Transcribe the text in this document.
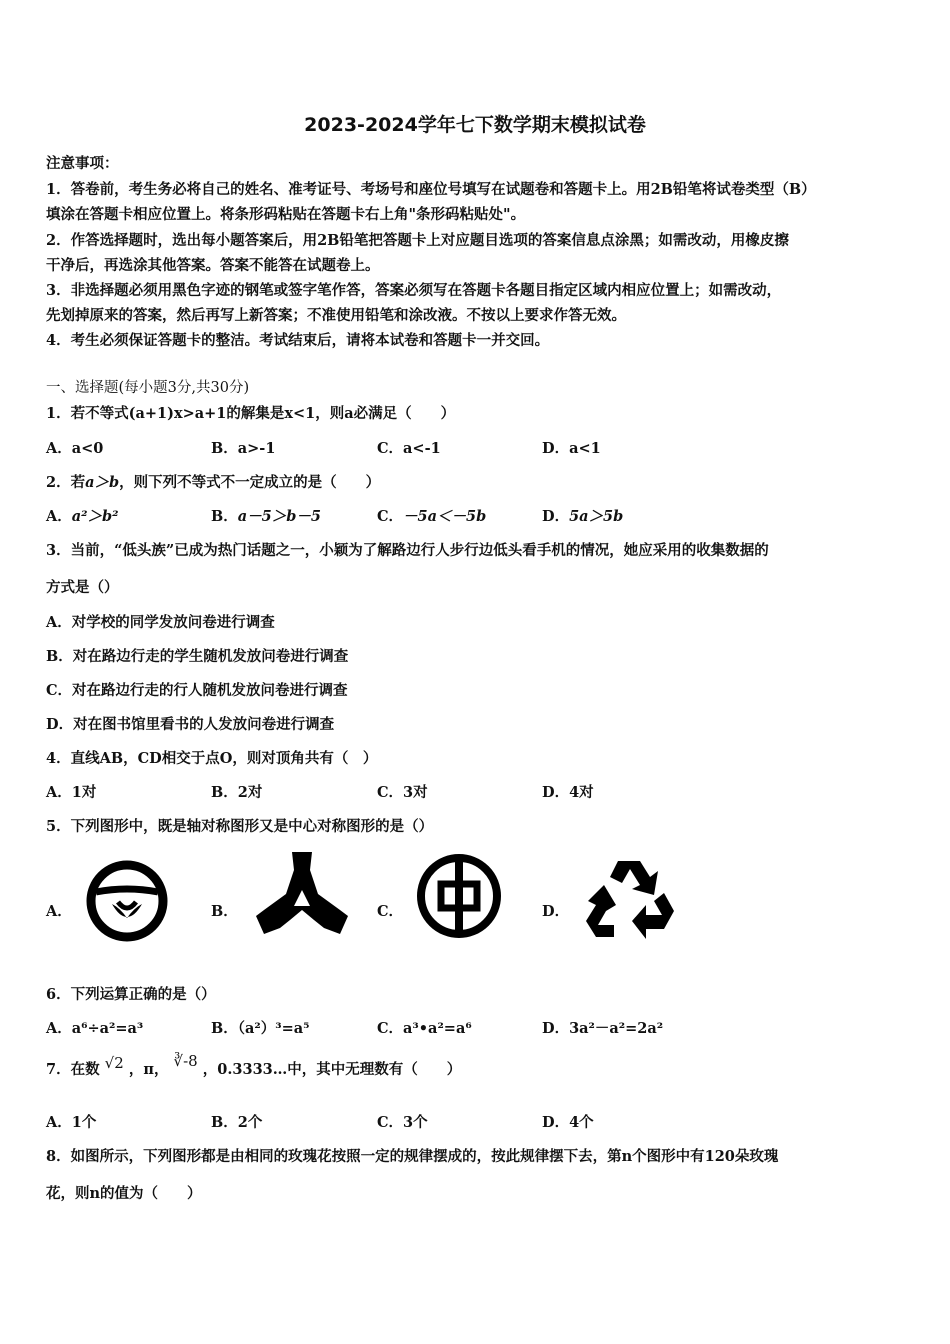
2023-2024学年七下数学期末模拟试卷
注意事项：
1．答卷前，考生务必将自己的姓名、准考证号、考场号和座位号填写在试题卷和答题卡上。用2B铅笔将试卷类型（B）
填涂在答题卡相应位置上。将条形码粘贴在答题卡右上角"条形码粘贴处"。
2．作答选择题时，选出每小题答案后，用2B铅笔把答题卡上对应题目选项的答案信息点涂黑；如需改动，用橡皮擦
干净后，再选涂其他答案。答案不能答在试题卷上。
3．非选择题必须用黑色字迹的钢笔或签字笔作答，答案必须写在答题卡各题目指定区域内相应位置上；如需改动，
先划掉原来的答案，然后再写上新答案；不准使用铅笔和涂改液。不按以上要求作答无效。
4．考生必须保证答题卡的整洁。考试结束后，请将本试卷和答题卡一并交回。
一、选择题(每小题3分,共30分)
1．若不等式(a+1)x>a+1的解集是x<1，则a必满足（　　）
A．a<0	B．a>-1	C．a<-1	D．a<1
2．若a＞b，则下列不等式不一定成立的是（　　）
A．a²＞b²	B．a－5＞b－5	C．－5a＜－5b	D．5a＞5b
3．当前，“低头族”已成为热门话题之一，小颖为了解路边行人步行边低头看手机的情况，她应采用的收集数据的
方式是（）
A．对学校的同学发放问卷进行调查
B．对在路边行走的学生随机发放问卷进行调查
C．对在路边行走的行人随机发放问卷进行调查
D．对在图书馆里看书的人发放问卷进行调查
4．直线AB，CD相交于点O，则对顶角共有（　）
A．1对	B．2对	C．3对	D．4对
5．下列图形中，既是轴对称图形又是中心对称图形的是（）
A．	B．	C．	D．
6．下列运算正确的是（）
A．a⁶÷a²=a³	B．（a²）³=a⁵	C．a³•a²=a⁶	D．3a²－a²=2a²
7．在数 √2 ，π， ∛-8 ，0.3333…中，其中无理数有（　　）
A．1个	B．2个	C．3个	D．4个
8．如图所示，下列图形都是由相同的玫瑰花按照一定的规律摆成的，按此规律摆下去，第n个图形中有120朵玫瑰
花，则n的值为（　　）
